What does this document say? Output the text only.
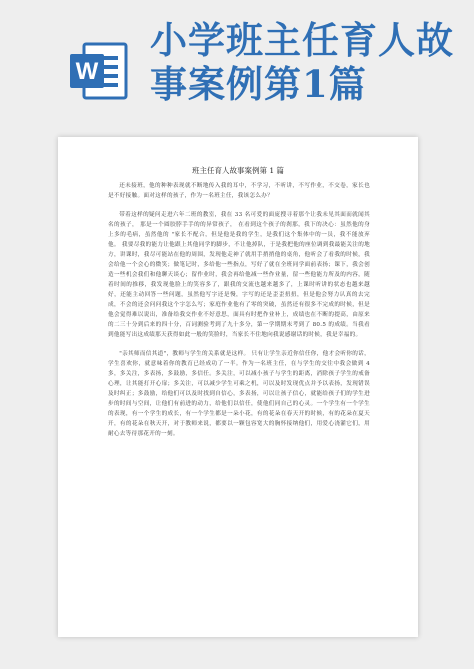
W
小学班主任育人故
事案例第1篇
班主任育人故事案例第 1 篇

还未接班，他的种种表现就不断地传入我的耳中，不学习，不听讲，不写作业，不交卷，家长也是不好接触。面对这样的孩子，作为一名班主任，我该怎么办？

带着这样的疑问走进六年二班的教室，我在 33 名可爱的面庞搜寻着那个让我未见其面而就闻其名的孩子， 那是一个圆胶脖手手的的异常孩子， 在看到这个孩子的刹那，我下的决心：虽然他的身上多的毛病，虽然他的 "家长不配合，但是他是我的学生，是我们这个集体中的一员，我不能放弃他。 我要尽我的能力让他跟上其他同学的脚步，不让他掉队，于是我把他的座位调到我最能关注的地方，讲课时，我尽可能站在他的周围，发现他走神了就用手捎捎他的桌角，他听会了看我的时候，我会给他一个会心的微笑；做笔记时，多给他一些指点，写好了就在全班同学面前表扬；课下，我会创造一些机会我们和他聊天谈心；留作业时，我会再给他减一些作业量，留一些他能力所及的内容，随着时间的推移，我发现他脸上的笑容多了，跟我的交流也越来越多了，上课时听讲的状态也越来越好，还能主动回答一些问题，虽然他写字还是慢，字写的还是歪歪扭扭，但是他会努力认真的去完成，不会的还会问问我这个字怎么写；家庭作业他有了零的突破，虽然还有很多不完成的时候，但是他会觉得难以说出，准备给我交作业不好意思，面具有时把作业补上，成绩也在不断的提高，由原来的二三十分到后来的四十分，百词测验考到了九十多分，第一学期期末考到了 80.5 的成绩。当我看到他能写出这成绩那天获得如此一般的笑脸时，当家长不住地向我说感谢话的时候，我是幸福的。

"亲其师而信其道"，教师与学生的关系就是这样。 只有让学生亲近你信任你，他才会听你的话，学生喜欢你，就意味着你的教育已经成功了一半。作为一名班主任，在与学生的交往中我会做到 4 多，多关注，多表扬，多鼓励，多信任。多关注，可以减小孩子与学生的距离，消除孩子学生的戒备心理，让其能打开心扉；多关注，可以减少学生可乘之机，可以及时发现优点并予以表扬，发现错误及时纠正；多鼓励，给他们可以及时找到自信心，多表扬，可以让孩子信心，就能给孩子们的学生进步的时间与空间，让他们有前进的动力，给他们以信任，使他们同自己的心灵。一个学生有一个学生的表现，有一个学生的成长，有一个学生都是一朵小花，有的花朵在春天开的时候，有的花朵在夏天开，有的花朵在秋天开，对于教师来说，都要以一颗包容宽大的胸怀接纳他们，用爱心浇灌它们，用耐心去等待那花开的一刻。
